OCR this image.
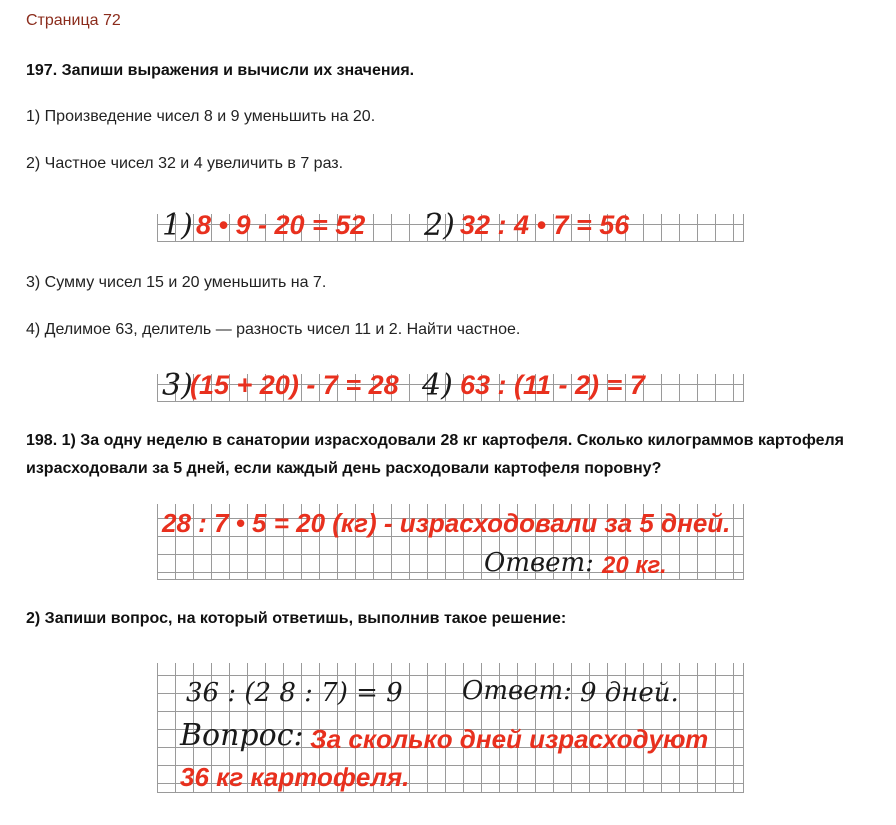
Страница 72
197. Запиши выражения и вычисли их значения.
1) Произведение чисел 8 и 9 уменьшить на 20.
2) Частное чисел 32 и 4 увеличить в 7 раз.
1) 8 • 9 - 20 = 52 2) 32 : 4 • 7 = 56
3) Сумму чисел 15 и 20 уменьшить на 7.
4) Делимое 63, делитель — разность чисел 11 и 2. Найти частное.
3)
(15 + 20) - 7 = 28 4) 63 : (11 - 2) = 7
198. 1) За одну неделю в санатории израсходовали 28 кг картофеля. Сколько килограммов картофеля израсходовали за 5 дней, если каждый день расходовали картофеля поровну?
28 : 7 • 5 = 20 (кг) - израсходовали за 5 дней.
Ответ: 20 кг.
2) Запиши вопрос, на который ответишь, выполнив такое решение:
36 : (2 8 : 7) = 9 Ответ: 9 дней.
Вопрос: За сколько дней израсходуют
36 кг картофеля.
